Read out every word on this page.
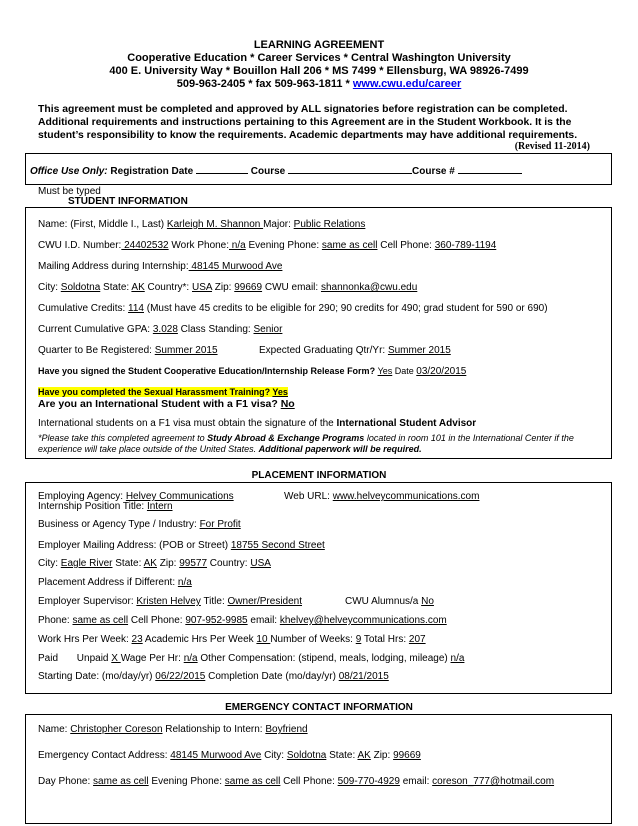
LEARNING AGREEMENT
Cooperative Education * Career Services * Central Washington University
400 E. University Way * Bouillon Hall 206 * MS 7499 * Ellensburg, WA 98926-7499
509-963-2405 * fax 509-963-1811 * www.cwu.edu/career
This agreement must be completed and approved by ALL signatories before registration can be completed.
Additional requirements and instructions pertaining to this Agreement are in the Student Workbook. It is the
student’s responsibility to know the requirements. Academic departments may have additional requirements.
(Revised 11-2014)
Office Use Only: Registration Date	Course	Course #
Must be typed
STUDENT INFORMATION
Name: (First, Middle I., Last) Karleigh M. Shannon Major: Public Relations
CWU I.D. Number: 24402532 Work Phone: n/a Evening Phone: same as cell Cell Phone: 360-789-1194
Mailing Address during Internship: 48145 Murwood Ave
City: Soldotna State: AK Country*: USA Zip: 99669 CWU email: shannonka@cwu.edu
Cumulative Credits: 114 (Must have 45 credits to be eligible for 290; 90 credits for 490; grad student for 590 or 690)
Current Cumulative GPA: 3.028 Class Standing: Senior
Quarter to Be Registered: Summer 2015	Expected Graduating Qtr/Yr: Summer 2015
Have you signed the Student Cooperative Education/Internship Release Form? Yes Date 03/20/2015
Have you completed the Sexual Harassment Training? Yes
Are you an International Student with a F1 visa? No
International students on a F1 visa must obtain the signature of the International Student Advisor
*Please take this completed agreement to Study Abroad & Exchange Programs located in room 101 in the International Center if the
experience will take place outside of the United States. Additional paperwork will be required.
PLACEMENT INFORMATION
Employing Agency: Helvey Communications	Web URL: www.helveycommunications.com
Internship Position Title: Intern
Business or Agency Type / Industry: For Profit
Employer Mailing Address: (POB or Street) 18755 Second Street
City: Eagle River State: AK Zip: 99577 Country: USA
Placement Address if Different: n/a
Employer Supervisor: Kristen Helvey Title: Owner/President	CWU Alumnus/a No
Phone: same as cell Cell Phone: 907-952-9985 email: khelvey@helveycommunications.com
Work Hrs Per Week: 23 Academic Hrs Per Week 10 Number of Weeks: 9 Total Hrs: 207
Paid Unpaid X Wage Per Hr: n/a Other Compensation: (stipend, meals, lodging, mileage) n/a
Starting Date: (mo/day/yr) 06/22/2015 Completion Date (mo/day/yr) 08/21/2015
EMERGENCY CONTACT INFORMATION
Name: Christopher Coreson Relationship to Intern: Boyfriend
Emergency Contact Address: 48145 Murwood Ave City: Soldotna State: AK Zip: 99669
Day Phone: same as cell Evening Phone: same as cell Cell Phone: 509-770-4929 email: coreson_777@hotmail.com
